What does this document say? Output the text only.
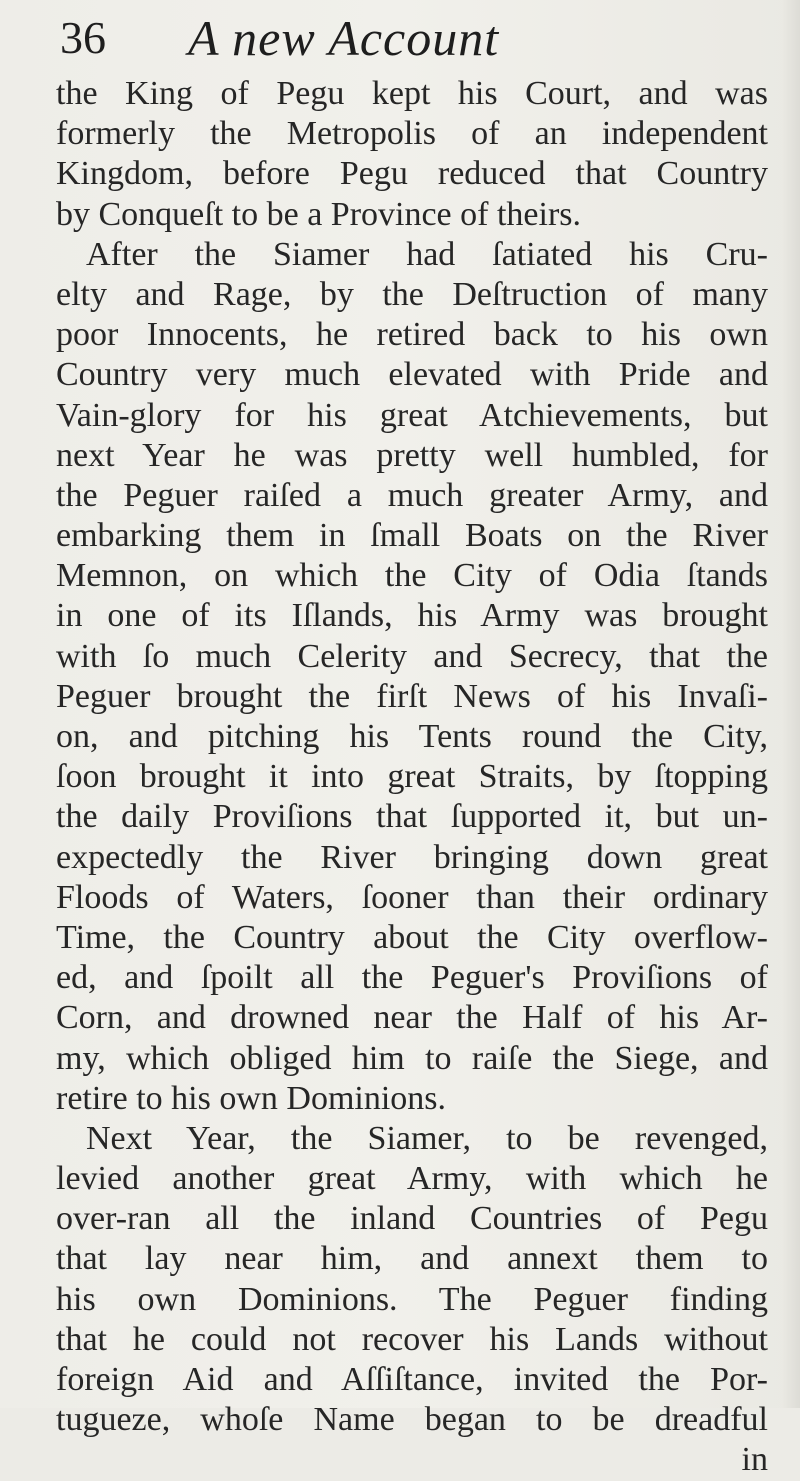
36 A new Account
the King of Pegu kept his Court, and was
formerly the Metropolis of an independent
Kingdom, before Pegu reduced that Country
by Conqueſt to be a Province of theirs.
After the Siamer had ſatiated his Cru-
elty and Rage, by the Deſtruction of many
poor Innocents, he retired back to his own
Country very much elevated with Pride and
Vain-glory for his great Atchievements, but
next Year he was pretty well humbled, for
the Peguer raiſed a much greater Army, and
embarking them in ſmall Boats on the River
Memnon, on which the City of Odia ſtands
in one of its Iſlands, his Army was brought
with ſo much Celerity and Secrecy, that the
Peguer brought the firſt News of his Invaſi-
on, and pitching his Tents round the City,
ſoon brought it into great Straits, by ſtopping
the daily Proviſions that ſupported it, but un-
expectedly the River bringing down great
Floods of Waters, ſooner than their ordinary
Time, the Country about the City overflow-
ed, and ſpoilt all the Peguer's Proviſions of
Corn, and drowned near the Half of his Ar-
my, which obliged him to raiſe the Siege, and
retire to his own Dominions.
Next Year, the Siamer, to be revenged,
levied another great Army, with which he
over-ran all the inland Countries of Pegu
that lay near him, and annext them to
his own Dominions. The Peguer finding
that he could not recover his Lands without
foreign Aid and Aſſiſtance, invited the Por-
tugueze, whoſe Name began to be dreadful
in
